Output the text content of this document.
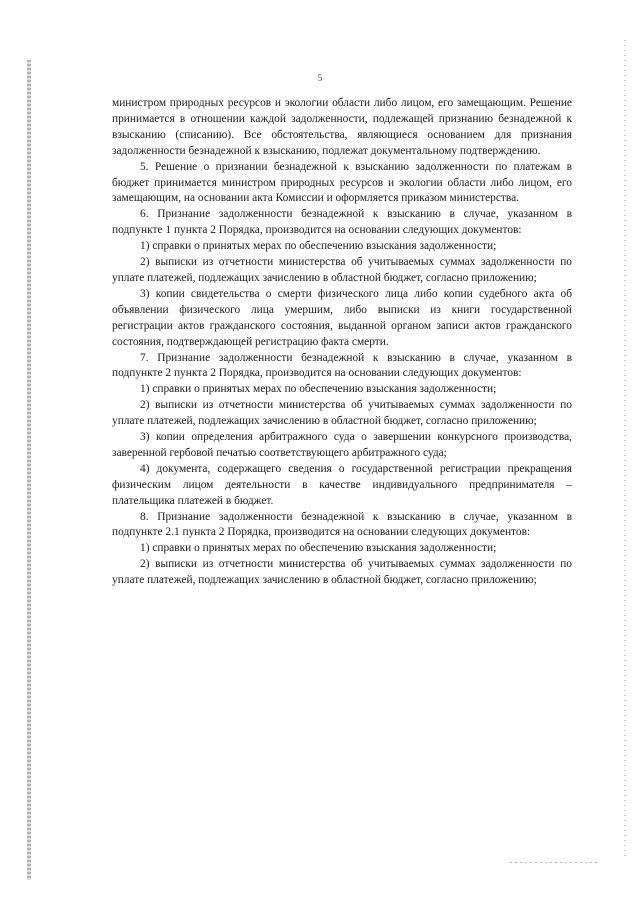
5

министром природных ресурсов и экологии области либо лицом, его замещающим. Решение принимается в отношении каждой задолженности, подлежащей признанию безнадежной к взысканию (списанию). Все обстоятельства, являющиеся основанием для признания задолженности безнадежной к взысканию, подлежат документальному подтверждению.

5. Решение о признании безнадежной к взысканию задолженности по платежам в бюджет принимается министром природных ресурсов и экологии области либо лицом, его замещающим, на основании акта Комиссии и оформляется приказом министерства.

6. Признание задолженности безнадежной к взысканию в случае, указанном в подпункте 1 пункта 2 Порядка, производится на основании следующих документов:

1) справки о принятых мерах по обеспечению взыскания задолженности;

2) выписки из отчетности министерства об учитываемых суммах задолженности по уплате платежей, подлежащих зачислению в областной бюджет, согласно приложению;

3) копии свидетельства о смерти физического лица либо копии судебного акта об объявлении физического лица умершим, либо выписки из книги государственной регистрации актов гражданского состояния, выданной органом записи актов гражданского состояния, подтверждающей регистрацию факта смерти.

7. Признание задолженности безнадежной к взысканию в случае, указанном в подпункте 2 пункта 2 Порядка, производится на основании следующих документов:

1) справки о принятых мерах по обеспечению взыскания задолженности;

2) выписки из отчетности министерства об учитываемых суммах задолженности по уплате платежей, подлежащих зачислению в областной бюджет, согласно приложению;

3) копии определения арбитражного суда о завершении конкурсного производства, заверенной гербовой печатью соответствующего арбитражного суда;

4) документа, содержащего сведения о государственной регистрации прекращения физическим лицом деятельности в качестве индивидуального предпринимателя – плательщика платежей в бюджет.

8. Признание задолженности безнадежной к взысканию в случае, указанном в подпункте 2.1 пункта 2 Порядка, производится на основании следующих документов:

1) справки о принятых мерах по обеспечению взыскания задолженности;

2) выписки из отчетности министерства об учитываемых суммах задолженности по уплате платежей, подлежащих зачислению в областной бюджет, согласно приложению;
